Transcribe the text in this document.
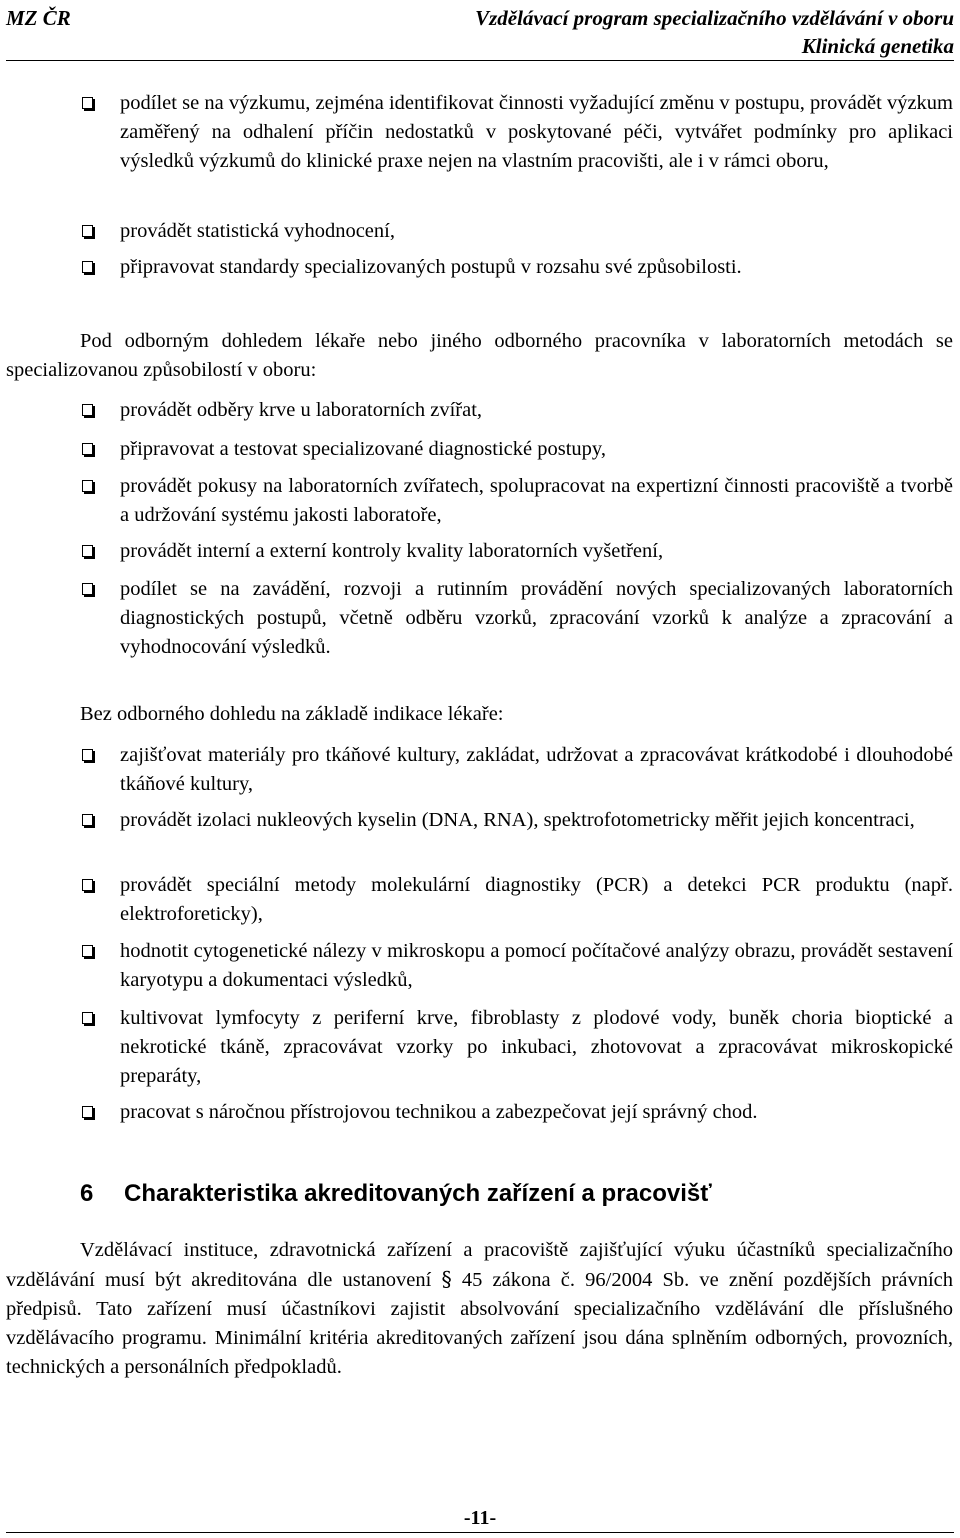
MZ ČR	Vzdělávací program specializačního vzdělávání v oboru
Klinická genetika
podílet se na výzkumu, zejména identifikovat činnosti vyžadující změnu v postupu, provádět výzkum zaměřený na odhalení příčin nedostatků v poskytované péči, vytvářet podmínky pro aplikaci výsledků výzkumů do klinické praxe nejen na vlastním pracovišti, ale i v rámci oboru,
provádět statistická vyhodnocení,
připravovat standardy specializovaných postupů v rozsahu své způsobilosti.

Pod odborným dohledem lékaře nebo jiného odborného pracovníka v laboratorních metodách se specializovanou způsobilostí v oboru:

provádět odběry krve u laboratorních zvířat,
připravovat a testovat specializované diagnostické postupy,
provádět pokusy na laboratorních zvířatech, spolupracovat na expertizní činnosti pracoviště a tvorbě a udržování systému jakosti laboratoře,
provádět interní a externí kontroly kvality laboratorních vyšetření,
podílet se na zavádění, rozvoji a rutinním provádění nových specializovaných laboratorních diagnostických postupů, včetně odběru vzorků, zpracování vzorků k analýze a zpracování a vyhodnocování výsledků.

Bez odborného dohledu na základě indikace lékaře:

zajišťovat materiály pro tkáňové kultury, zakládat, udržovat a zpracovávat krátkodobé i dlouhodobé tkáňové kultury,
provádět izolaci nukleových kyselin (DNA, RNA), spektrofotometricky měřit jejich koncentraci,
provádět speciální metody molekulární diagnostiky (PCR) a detekci PCR produktu (např. elektroforeticky),
hodnotit cytogenetické nálezy v mikroskopu a pomocí počítačové analýzy obrazu, provádět sestavení karyotypu a dokumentaci výsledků,
kultivovat lymfocyty z periferní krve, fibroblasty z plodové vody, buněk choria bioptické a nekrotické tkáně, zpracovávat vzorky po inkubaci, zhotovovat a zpracovávat mikroskopické preparáty,
pracovat s náročnou přístrojovou technikou a zabezpečovat její správný chod.
6 Charakteristika akreditovaných zařízení a pracovišť

Vzdělávací instituce, zdravotnická zařízení a pracoviště zajišťující výuku účastníků specializačního vzdělávání musí být akreditována dle ustanovení § 45 zákona č. 96/2004 Sb. ve znění pozdějších právních předpisů. Tato zařízení musí účastníkovi zajistit absolvování specializačního vzdělávání dle příslušného vzdělávacího programu. Minimální kritéria akreditovaných zařízení jsou dána splněním odborných, provozních, technických a personálních předpokladů.

-11-
